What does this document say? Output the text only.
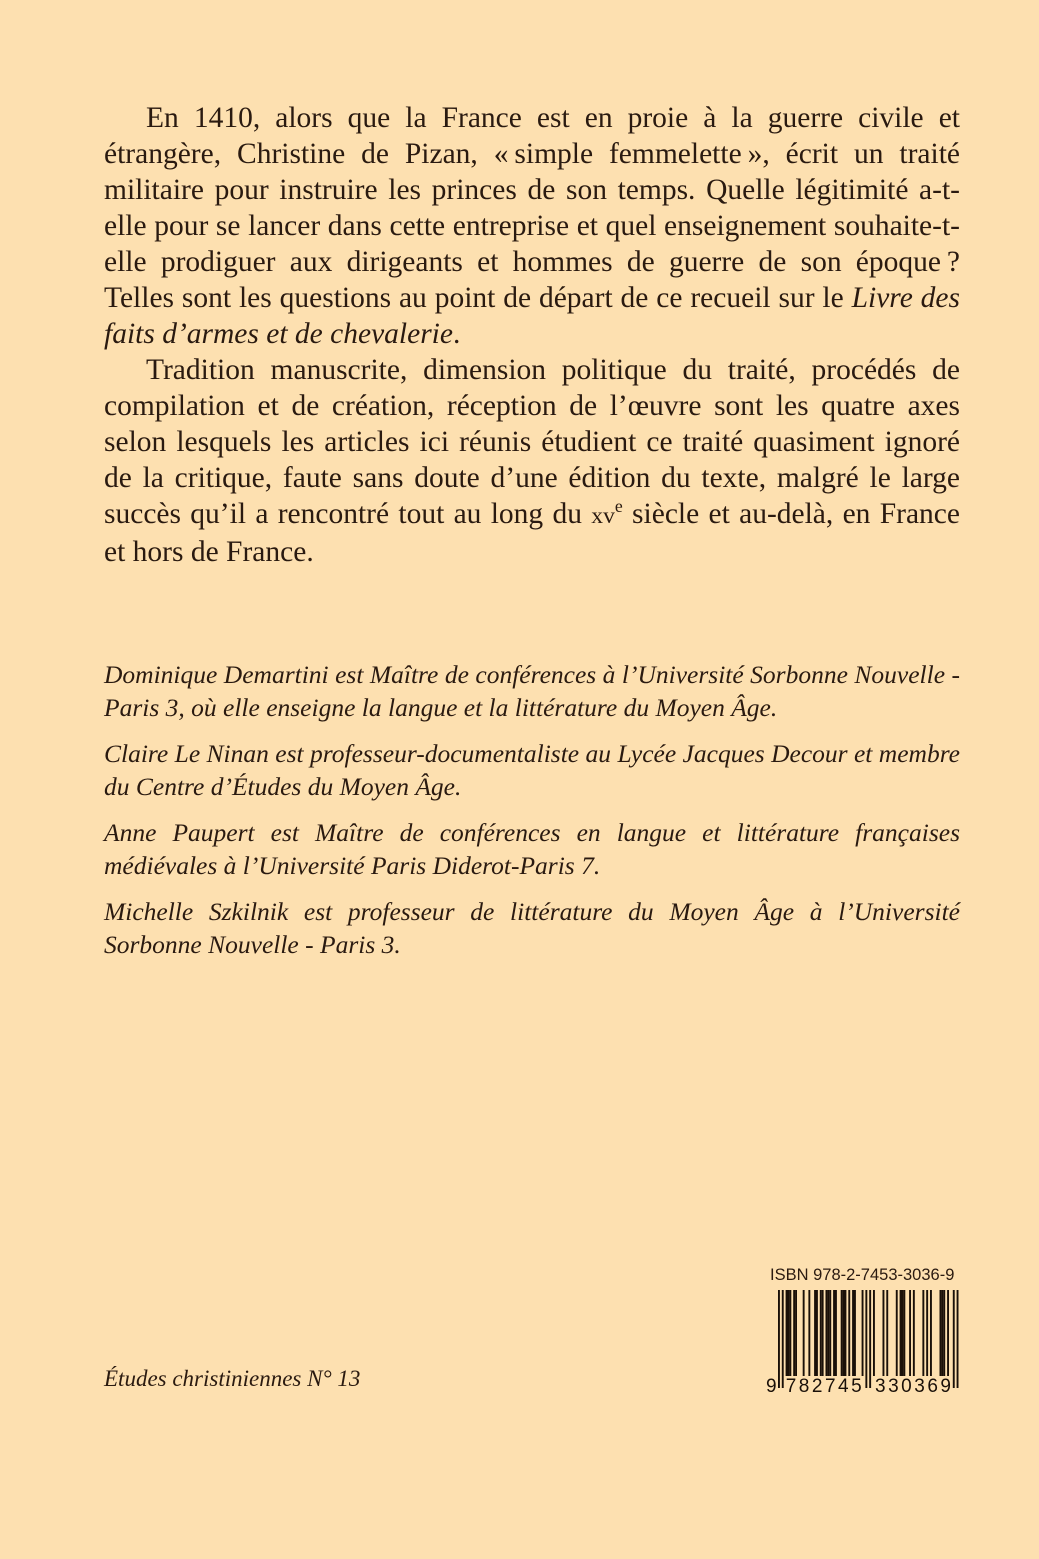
En 1410, alors que la France est en proie à la guerre civile et étrangère, Christine de Pizan, « simple femmelette », écrit un traité militaire pour instruire les princes de son temps. Quelle légitimité a-t-elle pour se lancer dans cette entreprise et quel enseignement souhaite-t-elle prodiguer aux dirigeants et hommes de guerre de son époque ? Telles sont les questions au point de départ de ce recueil sur le Livre des faits d’armes et de chevalerie.

Tradition manuscrite, dimension politique du traité, procédés de compilation et de création, réception de l’œuvre sont les quatre axes selon lesquels les articles ici réunis étudient ce traité quasiment ignoré de la critique, faute sans doute d’une édition du texte, malgré le large succès qu’il a rencontré tout au long du $xv^e$ siècle et au-delà, en France et hors de France.

Dominique Demartini est Maître de conférences à l’Université Sorbonne Nouvelle - Paris 3, où elle enseigne la langue et la littérature du Moyen Âge.

Claire Le Ninan est professeur-documentaliste au Lycée Jacques Decour et membre du Centre d’Études du Moyen Âge.

Anne Paupert est Maître de conférences en langue et littérature françaises médiévales à l’Université Paris Diderot-Paris 7.

Michelle Szkilnik est professeur de littérature du Moyen Âge à l’Université Sorbonne Nouvelle - Paris 3.

Études christiniennes N° 13
ISBN 978-2-7453-3036-9
9 782745 330369
